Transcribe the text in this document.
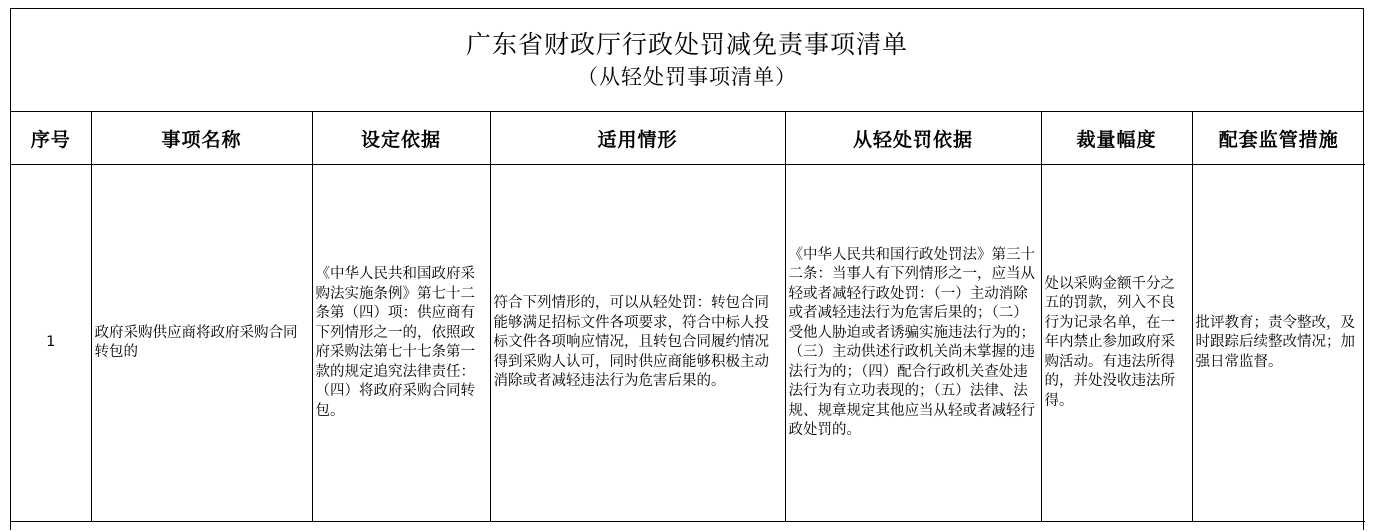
广东省财政厅行政处罚减免责事项清单
（从轻处罚事项清单）
序号	事项名称	设定依据	适用情形	从轻处罚依据	裁量幅度	配套监管措施
1	政府采购供应商将政府采购合同转包的	《中华人民共和国政府采购法实施条例》第七十二条第（四）项：供应商有下列情形之一的，依照政府采购法第七十七条第一款的规定追究法律责任：（四）将政府采购合同转包。	符合下列情形的，可以从轻处罚：转包合同能够满足招标文件各项要求，符合中标人投标文件各项响应情况，且转包合同履约情况得到采购人认可，同时供应商能够积极主动消除或者减轻违法行为危害后果的。	《中华人民共和国行政处罚法》第三十二条：当事人有下列情形之一，应当从轻或者减轻行政处罚：（一）主动消除或者减轻违法行为危害后果的；（二）受他人胁迫或者诱骗实施违法行为的；（三）主动供述行政机关尚未掌握的违法行为的；（四）配合行政机关查处违法行为有立功表现的；（五）法律、法规、规章规定其他应当从轻或者减轻行政处罚的。	处以采购金额千分之五的罚款，列入不良行为记录名单，在一年内禁止参加政府采购活动。有违法所得的，并处没收违法所得。	批评教育；责令整改，及时跟踪后续整改情况；加强日常监督。
